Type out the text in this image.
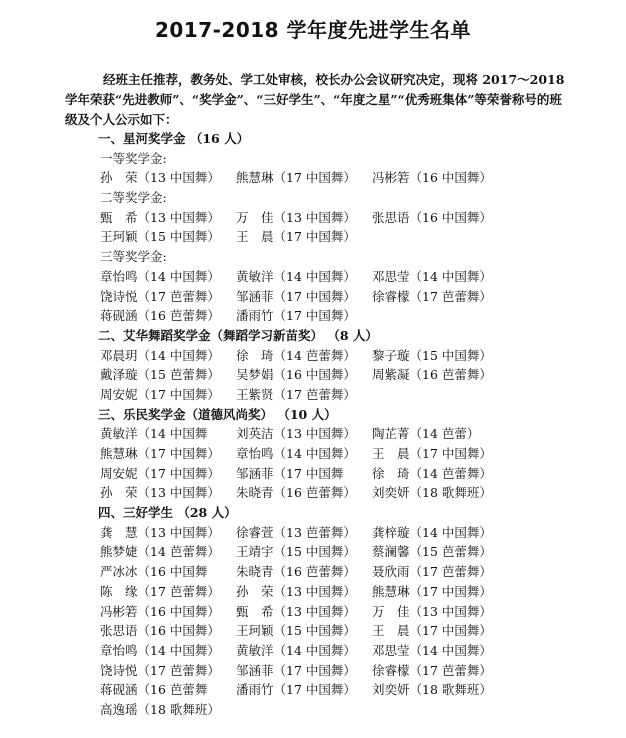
2017-2018 学年度先进学生名单
经班主任推荐，教务处、学工处审核，校长办公会议研究决定，现将 2017～2018 学年荣获“先进教师”、“奖学金”、“三好学生”、“年度之星”“优秀班集体”等荣誉称号的班级及个人公示如下：
一、星河奖学金 （16 人）
一等奖学金:
孙　荣（13 中国舞） 熊慧琳（17 中国舞） 冯彬箬（16 中国舞）
二等奖学金:
甄　希（13 中国舞） 万　佳（13 中国舞） 张思语（16 中国舞）
王珂颖（15 中国舞） 王　晨（17 中国舞）
三等奖学金:
章怡鸣（14 中国舞） 黄敏洋（14 中国舞） 邓思莹（14 中国舞）
饶诗悦（17 芭蕾舞） 邹涵菲（17 中国舞） 徐睿檬（17 芭蕾舞）
蒋砚涵（16 芭蕾舞） 潘雨竹（17 中国舞）
二、艾华舞蹈奖学金（舞蹈学习新苗奖） （8 人）
邓晨玥（14 中国舞） 徐　琦（14 芭蕾舞） 黎子璇（15 中国舞）
戴泽璇（15 芭蕾舞） 吴梦娟（16 中国舞） 周紫凝（16 芭蕾舞）
周安妮（17 中国舞） 王紫贤（17 芭蕾舞）
三、乐民奖学金（道德风尚奖） （10 人）
黄敏洋（14 中国舞 刘英洁（13 中国舞） 陶芷菁（14 芭蕾）
熊慧琳（17 中国舞） 章怡鸣（14 中国舞） 王　晨（17 中国舞）
周安妮（17 中国舞） 邹涵菲（17 中国舞 徐　琦（14 芭蕾舞）
孙　荣（13 中国舞） 朱晓青（16 芭蕾舞） 刘奕妍（18 歌舞班）
四、三好学生 （28 人）
龚　慧（13 中国舞） 徐睿萱（13 芭蕾舞） 龚梓璇（14 中国舞）
熊梦婕（14 芭蕾舞） 王靖宇（15 中国舞） 蔡澜馨（15 芭蕾舞）
严冰冰（16 中国舞 朱晓青（16 芭蕾舞） 聂欣雨（17 芭蕾舞）
陈　缘（17 芭蕾舞） 孙　荣（13 中国舞） 熊慧琳（17 中国舞）
冯彬箬（16 中国舞） 甄　希（13 中国舞） 万　佳（13 中国舞）
张思语（16 中国舞） 王珂颖（15 中国舞） 王　晨（17 中国舞）
章怡鸣（14 中国舞） 黄敏洋（14 中国舞） 邓思莹（14 中国舞）
饶诗悦（17 芭蕾舞） 邹涵菲（17 中国舞） 徐睿檬（17 芭蕾舞）
蒋砚涵（16 芭蕾舞 潘雨竹（17 中国舞） 刘奕妍（18 歌舞班）
高逸瑶（18 歌舞班）
